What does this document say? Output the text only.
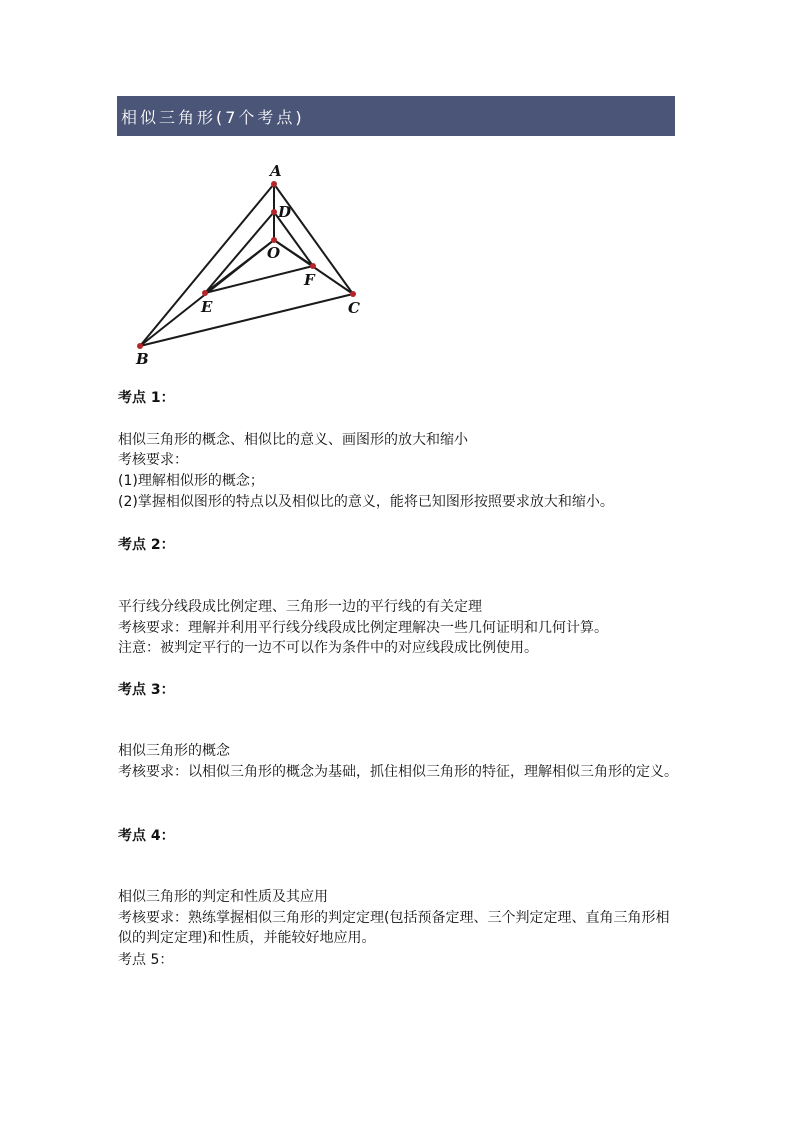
相似三角形(7个考点)
A
D
O
E
F
C
B
考点 1：
相似三角形的概念、相似比的意义、画图形的放大和缩小
考核要求：
(1)理解相似形的概念；
(2)掌握相似图形的特点以及相似比的意义，能将已知图形按照要求放大和缩小。
考点 2：
平行线分线段成比例定理、三角形一边的平行线的有关定理
考核要求：理解并利用平行线分线段成比例定理解决一些几何证明和几何计算。
注意：被判定平行的一边不可以作为条件中的对应线段成比例使用。
考点 3：
相似三角形的概念
考核要求：以相似三角形的概念为基础，抓住相似三角形的特征，理解相似三角形的定义。
考点 4：
相似三角形的判定和性质及其应用
考核要求：熟练掌握相似三角形的判定定理(包括预备定理、三个判定定理、直角三角形相似的判定定理)和性质，并能较好地应用。
考点 5：
